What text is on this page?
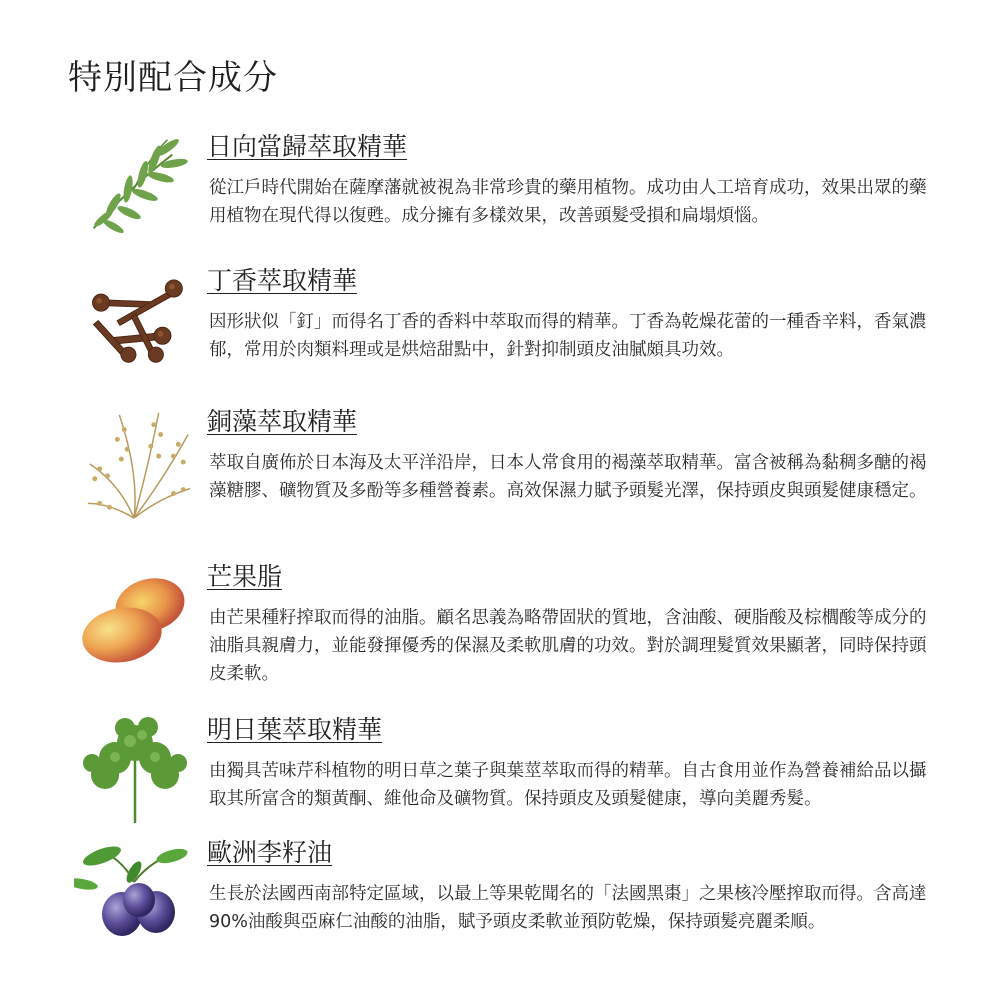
特別配合成分
日向當歸萃取精華

從江戶時代開始在薩摩藩就被視為非常珍貴的藥用植物。成功由人工培育成功，效果出眾的藥用植物在現代得以復甦。成分擁有多樣效果，改善頭髮受損和扁塌煩惱。

丁香萃取精華

因形狀似「釘」而得名丁香的香料中萃取而得的精華。丁香為乾燥花蕾的一種香辛料，香氣濃郁，常用於肉類料理或是烘焙甜點中，針對抑制頭皮油膩頗具功效。

銅藻萃取精華

萃取自廣佈於日本海及太平洋沿岸，日本人常食用的褐藻萃取精華。富含被稱為黏稠多醣的褐藻糖膠、礦物質及多酚等多種營養素。高效保濕力賦予頭髮光澤，保持頭皮與頭髮健康穩定。

芒果脂

由芒果種籽搾取而得的油脂。顧名思義為略帶固狀的質地，含油酸、硬脂酸及棕櫚酸等成分的油脂具親膚力，並能發揮優秀的保濕及柔軟肌膚的功效。對於調理髮質效果顯著，同時保持頭皮柔軟。

明日葉萃取精華

由獨具苦味芹科植物的明日草之葉子與葉莖萃取而得的精華。自古食用並作為營養補給品以攝取其所富含的類黃酮、維他命及礦物質。保持頭皮及頭髮健康，導向美麗秀髮。

歐洲李籽油

生長於法國西南部特定區域，以最上等果乾聞名的「法國黑棗」之果核冷壓搾取而得。含高達90%油酸與亞麻仁油酸的油脂，賦予頭皮柔軟並預防乾燥，保持頭髮亮麗柔順。
